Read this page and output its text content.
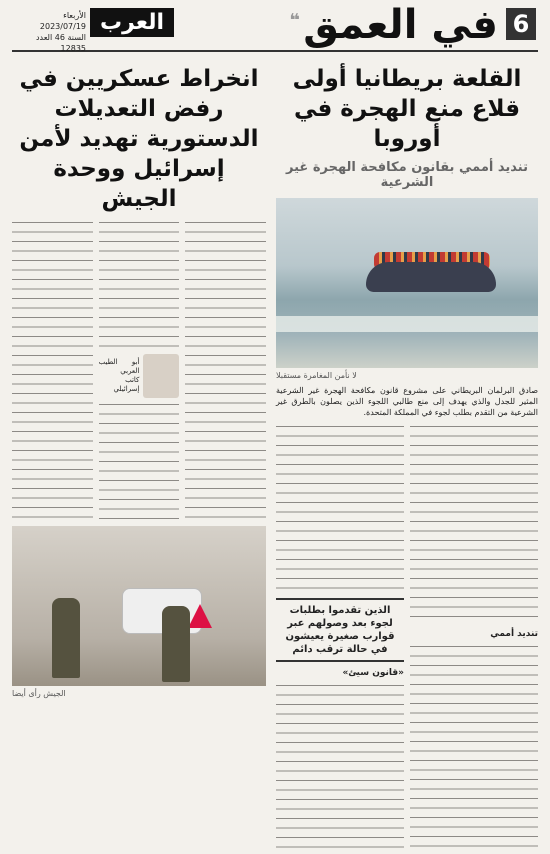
6
في العمق
❝
العرب
الأربعاء 2023/07/19
السنة 46 العدد 12835
القلعة بريطانيا أولى قلاع منع الهجرة في أوروبا
تنديد أممي بقانون مكافحة الهجرة غير الشرعية
لا نأمن المغامرة مستقبلا
صادق البرلمان البريطاني على مشروع قانون مكافحة الهجرة غير الشرعية المثير للجدل والذي يهدف إلى منع طالبي اللجوء الذين يصلون بالطرق غير الشرعية من التقدم بطلب لجوء في المملكة المتحدة.
تنديد أممي
الذين تقدموا بطلبات لجوء بعد وصولهم عبر قوارب صغيرة يعيشون في حالة ترقب دائم
«قانون سيئ»
انخراط عسكريين في رفض التعديلات الدستورية تهديد لأمن إسرائيل ووحدة الجيش
أبو الطيب العربي
كاتب إسرائيلي
الجيش رأى أيضا
